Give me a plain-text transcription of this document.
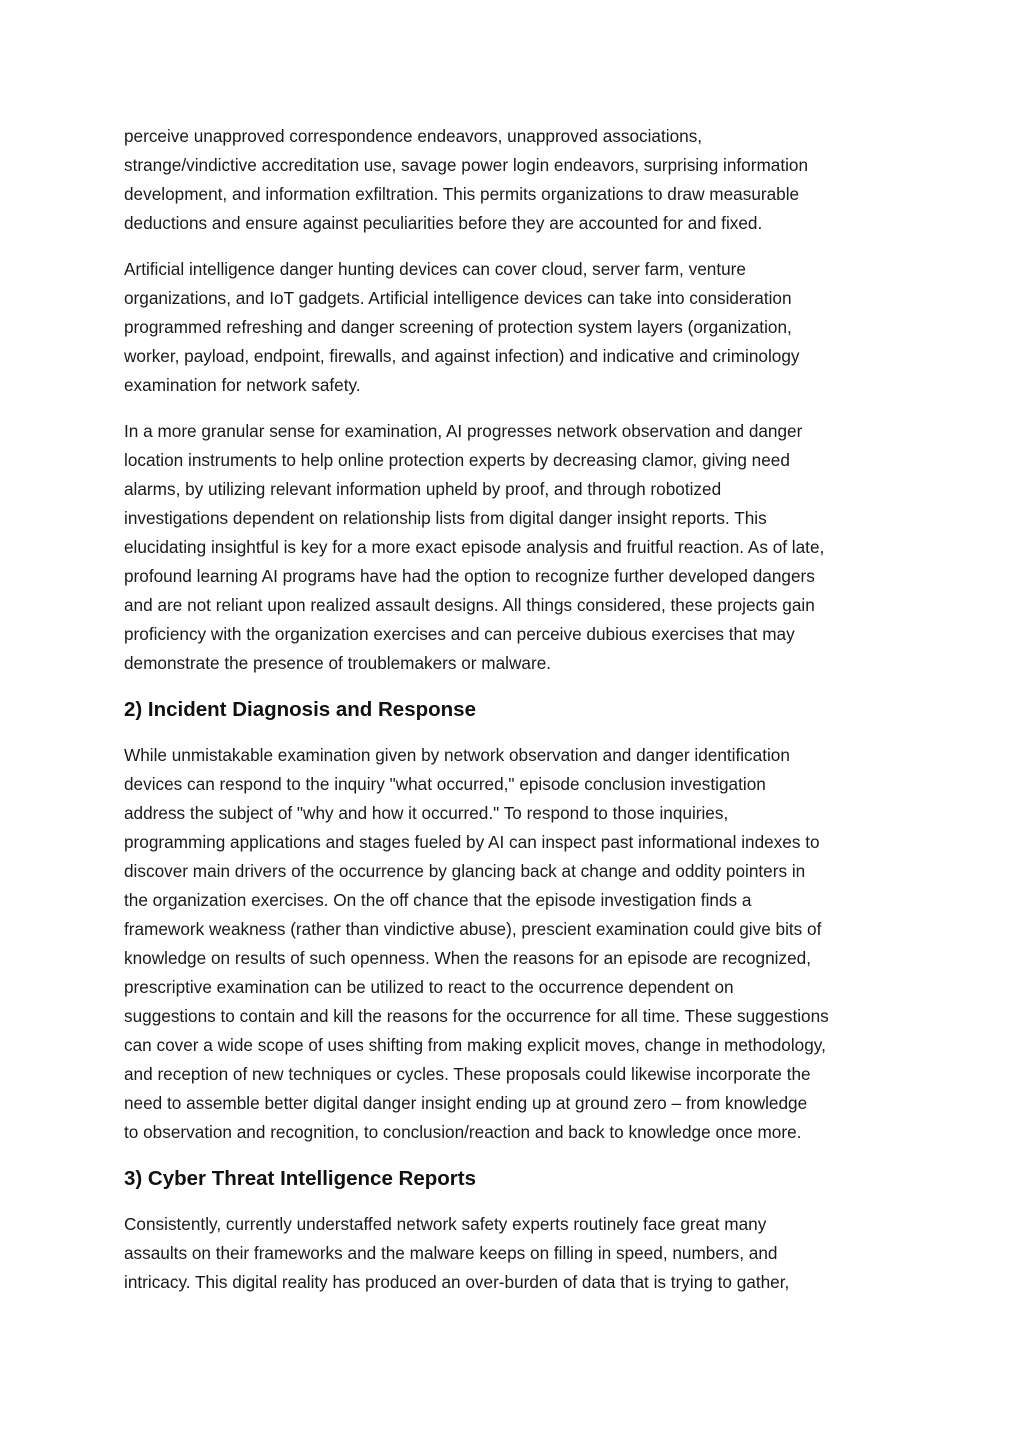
perceive unapproved correspondence endeavors, unapproved associations,
strange/vindictive accreditation use, savage power login endeavors, surprising information
development, and information exfiltration. This permits organizations to draw measurable
deductions and ensure against peculiarities before they are accounted for and fixed.
Artificial intelligence danger hunting devices can cover cloud, server farm, venture
organizations, and IoT gadgets. Artificial intelligence devices can take into consideration
programmed refreshing and danger screening of protection system layers (organization,
worker, payload, endpoint, firewalls, and against infection) and indicative and criminology
examination for network safety.
In a more granular sense for examination, AI progresses network observation and danger
location instruments to help online protection experts by decreasing clamor, giving need
alarms, by utilizing relevant information upheld by proof, and through robotized
investigations dependent on relationship lists from digital danger insight reports. This
elucidating insightful is key for a more exact episode analysis and fruitful reaction. As of late,
profound learning AI programs have had the option to recognize further developed dangers
and are not reliant upon realized assault designs. All things considered, these projects gain
proficiency with the organization exercises and can perceive dubious exercises that may
demonstrate the presence of troublemakers or malware.
2) Incident Diagnosis and Response
While unmistakable examination given by network observation and danger identification
devices can respond to the inquiry "what occurred," episode conclusion investigation
address the subject of "why and how it occurred." To respond to those inquiries,
programming applications and stages fueled by AI can inspect past informational indexes to
discover main drivers of the occurrence by glancing back at change and oddity pointers in
the organization exercises. On the off chance that the episode investigation finds a
framework weakness (rather than vindictive abuse), prescient examination could give bits of
knowledge on results of such openness. When the reasons for an episode are recognized,
prescriptive examination can be utilized to react to the occurrence dependent on
suggestions to contain and kill the reasons for the occurrence for all time. These suggestions
can cover a wide scope of uses shifting from making explicit moves, change in methodology,
and reception of new techniques or cycles. These proposals could likewise incorporate the
need to assemble better digital danger insight ending up at ground zero – from knowledge
to observation and recognition, to conclusion/reaction and back to knowledge once more.
3) Cyber Threat Intelligence Reports
Consistently, currently understaffed network safety experts routinely face great many
assaults on their frameworks and the malware keeps on filling in speed, numbers, and
intricacy. This digital reality has produced an over-burden of data that is trying to gather,
